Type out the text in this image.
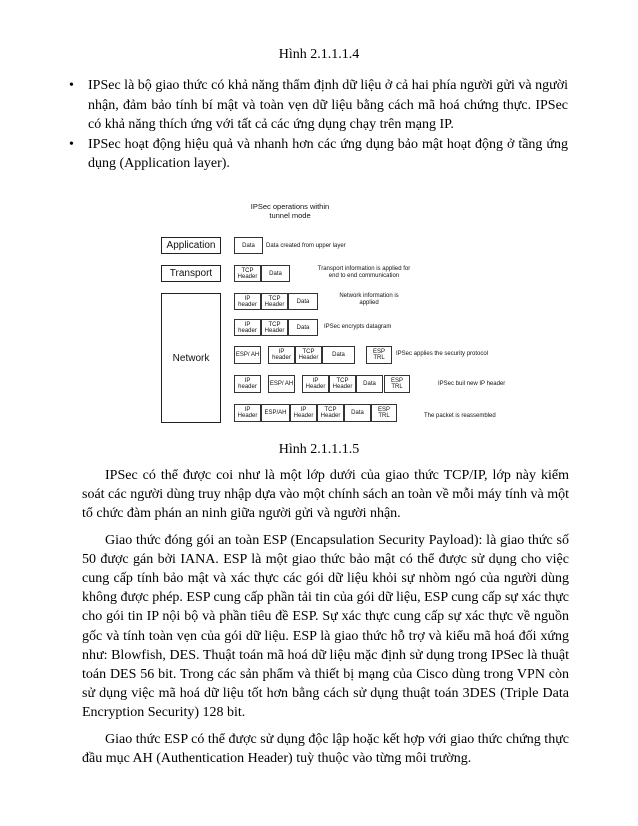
Hình 2.1.1.1.4
• IPSec là bộ giao thức có khả năng thẩm định dữ liệu ở cả hai phía người gửi và người nhận, đảm bảo tính bí mật và toàn vẹn dữ liệu bằng cách mã hoá chứng thực. IPSec có khả năng thích ứng với tất cả các ứng dụng chạy trên mạng IP.
• IPSec hoạt động hiệu quả và nhanh hơn các ứng dụng bảo mật hoạt động ở tầng ứng dụng (Application layer).
IPSec operations within tunnel mode
Application
Transport
Network
Data	Data created from upper layer
TCP Header	Data
Transport information is applied for end to end communication
IP header
TCP Header	Data
Network information is applied
IP header
TCP Header	Data	IPSec encrypts datagram
ESP/ AH	IP header
TCP Header	Data	ESP TRL
IPSec applies the security protocol
IP header	ESP/ AH	IP Header
TCP Header	Data	ESP TRL	IPSec buil new IP header
IP Header	ESP/AH	IP Header
TCP Header	Data	ESP TRL	The packet is reassembled
Hình 2.1.1.1.5

IPSec có thể được coi như là một lớp dưới của giao thức TCP/IP, lớp này kiểm soát các người dùng truy nhập dựa vào một chính sách an toàn về mỗi máy tính và một tổ chức đàm phán an ninh giữa người gửi và người nhận.

Giao thức đóng gói an toàn ESP (Encapsulation Security Payload): là giao thức số 50 được gán bởi IANA. ESP là một giao thức bảo mật có thể được sử dụng cho việc cung cấp tính bảo mật và xác thực các gói dữ liệu khỏi sự nhòm ngó của người dùng không được phép. ESP cung cấp phần tải tin của gói dữ liệu, ESP cung cấp sự xác thực cho gói tin IP nội bộ và phần tiêu đề ESP. Sự xác thực cung cấp sự xác thực về nguồn gốc và tính toàn vẹn của gói dữ liệu. ESP là giao thức hỗ trợ và kiểu mã hoá đối xứng như: Blowfish, DES. Thuật toán mã hoá dữ liệu mặc định sử dụng trong IPSec là thuật toán DES 56 bit. Trong các sản phẩm và thiết bị mạng của Cisco dùng trong VPN còn sử dụng việc mã hoá dữ liệu tốt hơn bằng cách sử dụng thuật toán 3DES (Triple Data Encryption Security) 128 bit.

Giao thức ESP có thể được sử dụng độc lập hoặc kết hợp với giao thức chứng thực đầu mục AH (Authentication Header) tuỳ thuộc vào từng môi trường.
